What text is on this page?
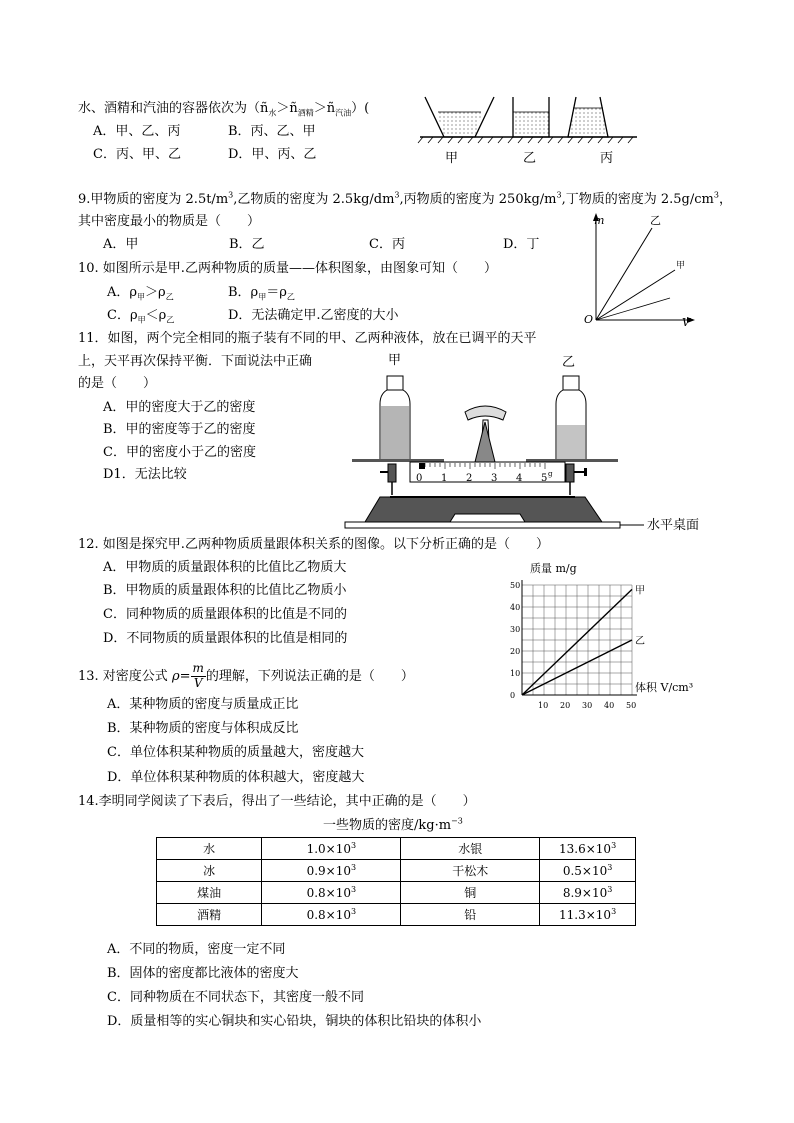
水、酒精和汽油的容器依次为$(ñ_水>ñ_{酒精}>ñ_{汽油})$(
A．甲、乙、丙	B．丙、乙、甲
C．丙、甲、乙	D．甲、丙、乙	甲	乙	丙
9.甲物质的密度为 $2.5t/m^3$,乙物质的密度为 $2.5kg/dm^3$,丙物质的密度为 $250kg/m^3$,丁物质的密度为 $2.5g/cm^3$，
其中密度最小的物质是（　　）
A．甲	B．乙	C．丙	D．丁
m
O	V
乙
甲
10. 如图所示是甲.乙两种物质的质量——体积图象，由图象可知（　　）
A．$\rho_甲>\rho_乙$	B．$\rho_甲=\rho_乙$
C．$\rho_甲<\rho_乙$	D．无法确定甲.乙密度的大小
11．如图，两个完全相同的瓶子装有不同的甲、乙两种液体，放在已调平的天平
上，天平再次保持平衡．下面说法中正确
的是（　　）
A．甲的密度大于乙的密度
B．甲的密度等于乙的密度
C．甲的密度小于乙的密度
D1．无法比较
甲	乙
0 1 2 3 4 5 g
水平桌面
12. 如图是探究甲.乙两种物质质量跟体积关系的图像。以下分析正确的是（　　）
A．甲物质的质量跟体积的比值比乙物质大
B．甲物质的质量跟体积的比值比乙物质小
C．同种物质的质量跟体积的比值是不同的
D．不同物质的质量跟体积的比值是相同的
10 20 30 40 50
0
10
20
30
40
50	甲
乙
质量 m/g
体积 V/cm³
13. 对密度公式 $\rho= \frac{m}{V}$ 的理解，下列说法正确的是（　　）
A．某种物质的密度与质量成正比
B．某种物质的密度与体积成反比
C．单位体积某种物质的质量越大，密度越大
D．单位体积某种物质的体积越大，密度越大
14.李明同学阅读了下表后，得出了一些结论，其中正确的是（　　）
一些物质的密度$/kg\cdot m^{-3}$
水	$1.0\times 10^3$	水银	$13.6\times 10^3$
冰	$0.9\times 10^3$	干松木	$0.5\times 10^3$
煤油	$0.8\times 10^3$	铜	$8.9\times 10^3$
酒精	$0.8\times 10^3$	铅	$11.3\times 10^3$
A．不同的物质，密度一定不同
B．固体的密度都比液体的密度大
C．同种物质在不同状态下，其密度一般不同
D．质量相等的实心铜块和实心铅块，铜块的体积比铅块的体积小
